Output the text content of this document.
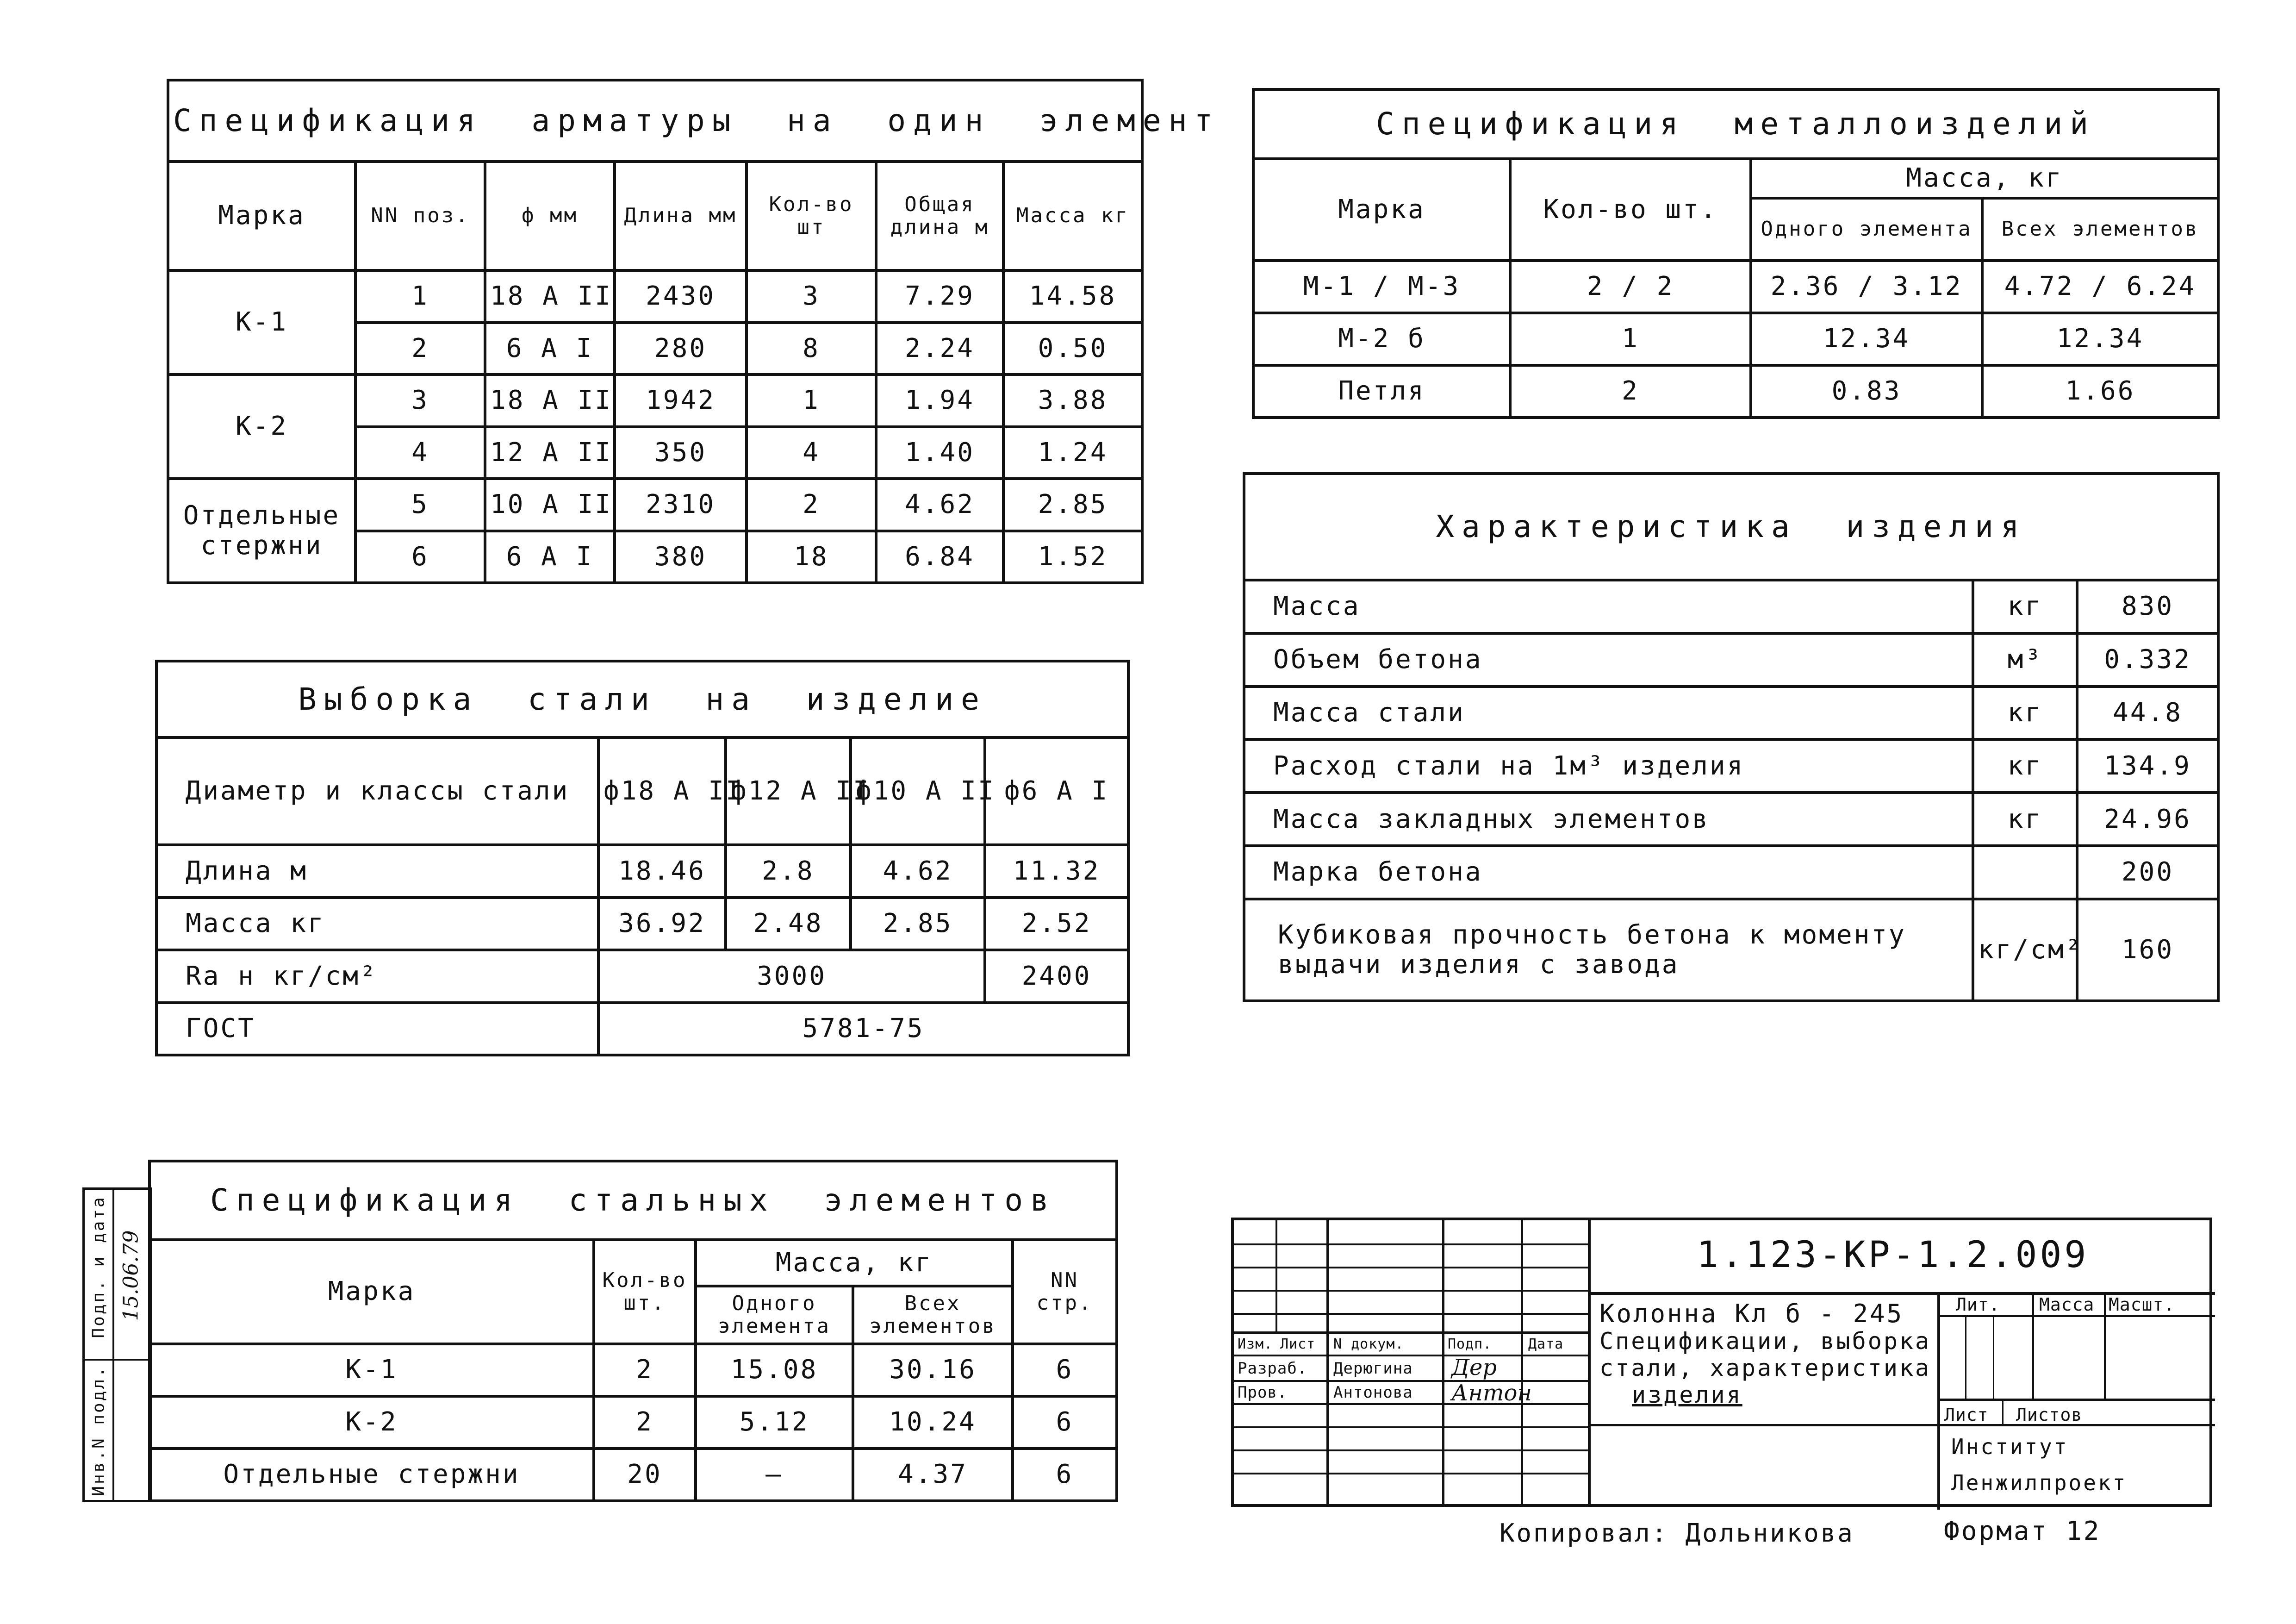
Спецификация арматуры на один элемент						
Марка	NN поз.	ф мм	Длина мм	Кол-во шт	Общая длина м	Масса кг
К-1	1	18 А II	2430	3	7.29	14.58
	2	6 А I	280	8	2.24	0.50
К-2	3	18 А II	1942	1	1.94	3.88
	4	12 А II	350	4	1.40	1.24
Отдельные стержни	5	10 А II	2310	2	4.62	2.85
	6	6 А I	380	18	6.84	1.52
Выборка стали на изделие				
Диаметр и классы стали	ф18 А II	ф12 А II	ф10 А II	ф6 А I
Длина м	18.46	2.8	4.62	11.32
Масса кг	36.92	2.48	2.85	2.52
Rа н кг/см²	3000			2400
ГОСТ	5781-75			
Спецификация стальных элементов				
Марка	Кол-во шт.	Масса, кг		NN стр.
		Одного элемента	Всех элементов	
К-1	2	15.08	30.16	6
К-2	2	5.12	10.24	6
Отдельные стержни	20	—	4.37	6
Спецификация металлоизделий			
Марка	Кол-во шт.	Масса, кг	
		Одного элемента	Всех элементов
М-1 / М-3	2 / 2	2.36 / 3.12	4.72 / 6.24
М-2 б	1	12.34	12.34
Петля	2	0.83	1.66
Характеристика изделия		
Масса	кг	830
Объем бетона	м³	0.332
Масса стали	кг	44.8
Расход стали на 1м³ изделия	кг	134.9
Масса закладных элементов	кг	24.96
Марка бетона		200

Кубиковая прочность бетона к моменту
выдачи изделия с завода	кг/см²	160
1.123-КР-1.2.009
Колонна Кл б - 245
Спецификации, выборка
стали, характеристика
изделия
Изм. Лист N докум.	Подп.	Дата
Разраб. Дерюгина
Пров.	Антонова
Дер
Антон
Лит. Масса Масшт.
Лист Листов
Институт
Ленжилпроект
Подп. и дата
Инв.N подл.
15.06.79
Копировал: Дольникова	Формат 12
